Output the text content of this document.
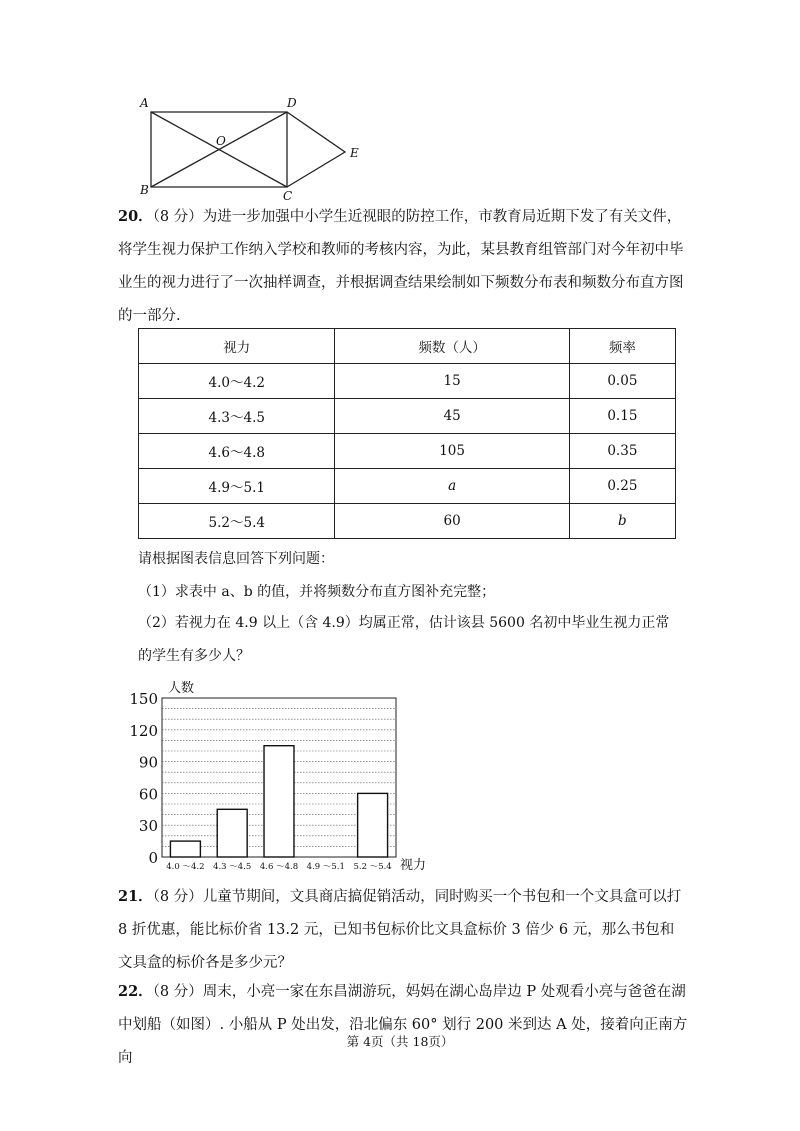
A	D
O
E
B	C
20．（8 分）为进一步加强中小学生近视眼的防控工作，市教育局近期下发了有关文件，将学生视力保护工作纳入学校和教师的考核内容，为此，某县教育组管部门对今年初中毕业生的视力进行了一次抽样调查，并根据调查结果绘制如下频数分布表和频数分布直方图的一部分.
视力	频数（人）	频率
4.0～4.2	15	0.05
4.3～4.5	45	0.15
4.6～4.8	105	0.35
4.9～5.1	a	0.25
5.2～5.4	60	b
请根据图表信息回答下列问题：
（1）求表中 a、b 的值，并将频数分布直方图补充完整；
（2）若视力在 4.9 以上（含 4.9）均属正常，估计该县 5600 名初中毕业生视力正常的学生有多少人？
0
30
60
90
120
150
4.0 ～4.2 4.3 ～4.5 4.6 ～4.8 4.9 ～5.1 5.2 ～5.4
人数
视力
21．（8 分）儿童节期间，文具商店搞促销活动，同时购买一个书包和一个文具盒可以打 8 折优惠，能比标价省 13.2 元，已知书包标价比文具盒标价 3 倍少 6 元，那么书包和文具盒的标价各是多少元？
22．（8 分）周末，小亮一家在东昌湖游玩，妈妈在湖心岛岸边 P 处观看小亮与爸爸在湖中划船（如图）. 小船从 P 处出发，沿北偏东 60° 划行 200 米到达 A 处，接着向正南方向
第 4页（共 18页）
